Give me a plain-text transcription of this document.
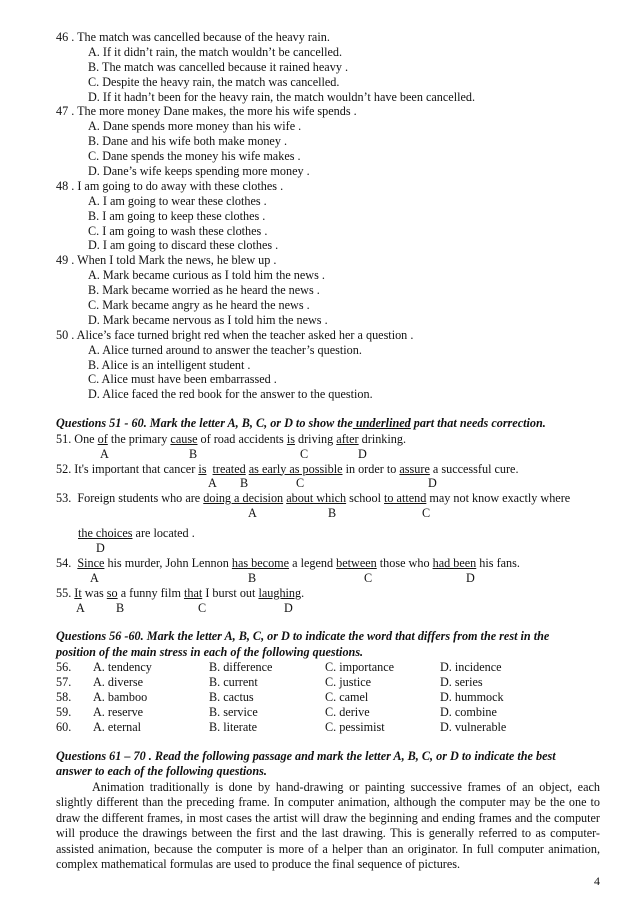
46 . The match was cancelled because of the heavy rain.
A. If it didn’t rain, the match wouldn’t be cancelled.
B. The match was cancelled because it rained heavy .
C. Despite the heavy rain, the match was cancelled.
D. If it hadn’t been for the heavy rain, the match wouldn’t have been cancelled.
47 . The more money Dane makes, the more his wife spends .
A. Dane spends more money than his wife .
B. Dane and his wife both make money .
C. Dane spends the money his wife makes .
D. Dane’s wife keeps spending more money .
48 . I am going to do away with these clothes .
A. I am going to wear these clothes .
B. I am going to keep these clothes .
C. I am going to wash these clothes .
D. I am going to discard these clothes .
49 . When I told Mark the news, he blew up .
A. Mark became curious as I told him the news .
B. Mark became worried as he heard the news .
C. Mark became angry as he heard the news .
D. Mark became nervous as I told him the news .
50 . Alice’s face turned bright red when the teacher asked her a question .
A. Alice turned around to answer the teacher’s question.
B. Alice is an intelligent student .
C. Alice must have been embarrassed .
D. Alice faced the red book for the answer to the question.
Questions 51 - 60. Mark the letter A, B, C, or D to show the underlined part that needs correction.
51. One of the primary cause of road accidents is driving after drinking.
A	B	C	D
52. It's important that cancer is treated as early as possible in order to assure a successful cure.
A B	C	D
53.  Foreign students who are doing a decision about which school to attend may not know exactly where
A	B	C
the choices are located .
D
54.  Since his murder, John Lennon has become a legend between those who had been his fans.
A	B	C	D
55. It was so a funny film that I burst out laughing.
A	B	C	D
Questions 56 -60. Mark the letter A, B, C, or D to indicate the word that differs from the rest in the
position of the main stress in each of the following questions.
56.	A. tendency	B. difference	C. importance	D. incidence
57.	A. diverse	B. current	C. justice	D. series
58.	A. bamboo	B. cactus	C. camel	D. hummock
59.	A. reserve	B. service	C. derive	D. combine
60.	A. eternal	B. literate	C. pessimist	D. vulnerable
Questions 61 – 70 . Read the following passage and mark the letter A, B, C, or D to indicate the best
answer to each of the following questions.

Animation traditionally is done by hand-drawing or painting successive frames of an object, each slightly different than the preceding frame. In computer animation, although the computer may be the one to draw the different frames, in most cases the artist will draw the beginning and ending frames and the computer will produce the drawings between the first and the last drawing. This is generally referred to as computer-assisted animation, because the computer is more of a helper than an originator. In full computer animation, complex mathematical formulas are used to produce the final sequence of pictures.

4
